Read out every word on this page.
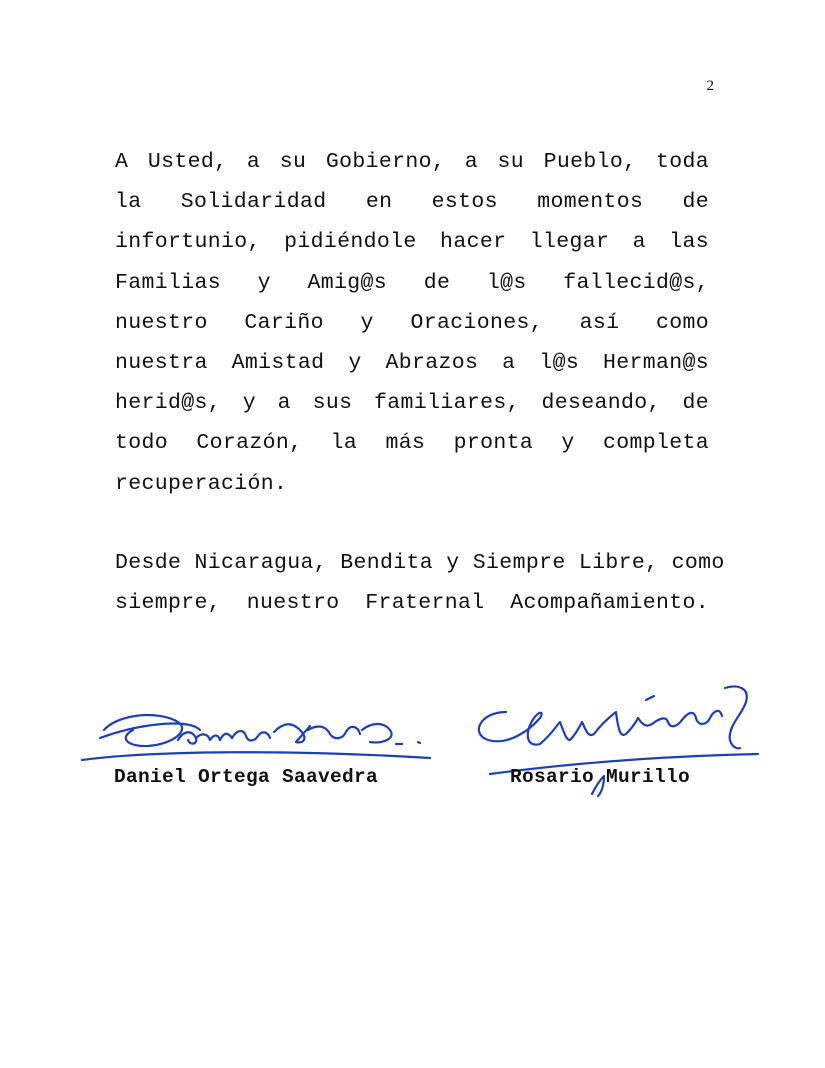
2
A Usted, a su Gobierno, a su Pueblo, toda
la Solidaridad en estos momentos de
infortunio, pidiéndole hacer llegar a las
Familias y Amig@s de l@s fallecid@s,
nuestro Cariño y Oraciones, así como
nuestra Amistad y Abrazos a l@s Herman@s
herid@s, y a sus familiares, deseando, de
todo Corazón, la más pronta y completa
recuperación.
Desde Nicaragua, Bendita y Siempre Libre, como
siempre, nuestro Fraternal Acompañamiento.
Daniel Ortega Saavedra	Rosario Murillo
